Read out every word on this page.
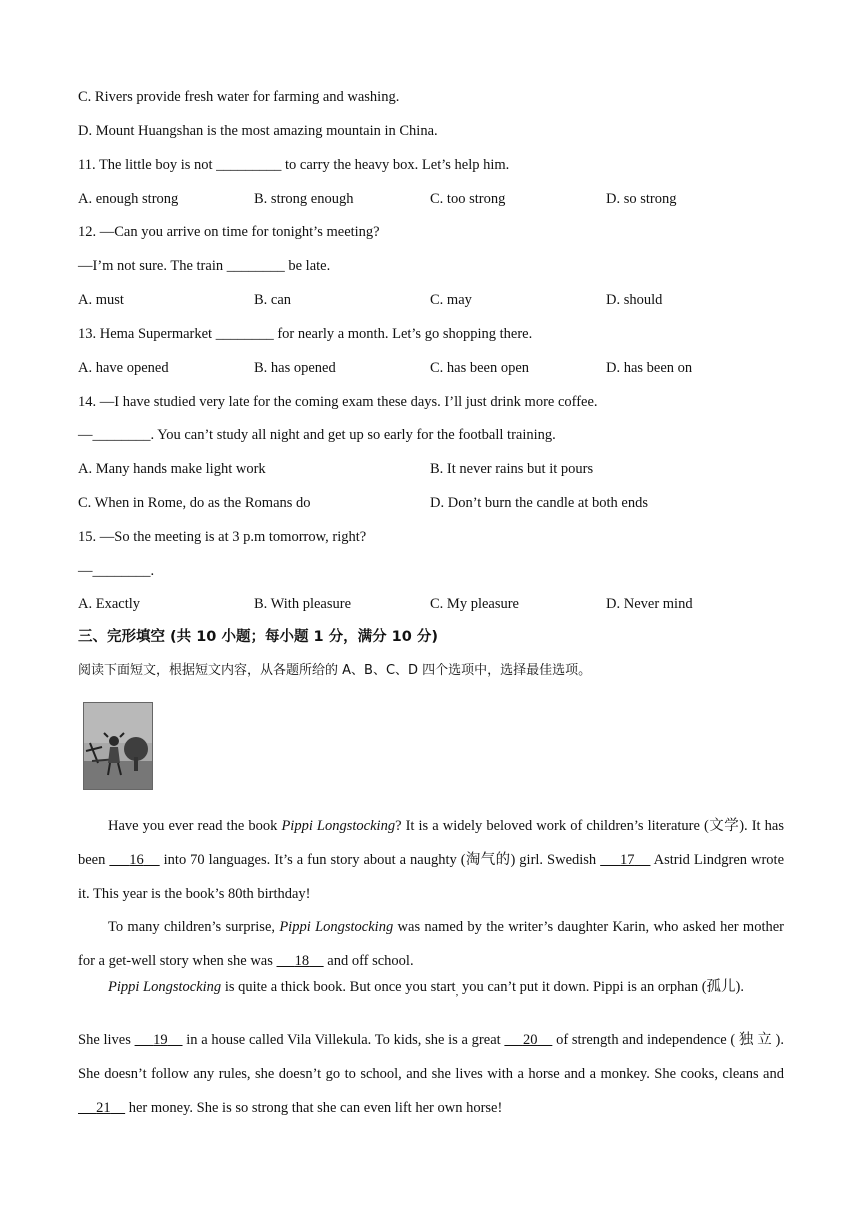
C. Rivers provide fresh water for farming and washing.
D. Mount Huangshan is the most amazing mountain in China.
11. The little boy is not _________ to carry the heavy box. Let’s help him.
A. enough strong	B. strong enough	C. too strong	D. so strong
12. —Can you arrive on time for tonight’s meeting?
—I’m not sure. The train ________ be late.
A. must	B. can	C. may	D. should
13. Hema Supermarket ________ for nearly a month. Let’s go shopping there.
A. have opened	B. has opened	C. has been open	D. has been on
14. —I have studied very late for the coming exam these days. I’ll just drink more coffee.
—________. You can’t study all night and get up so early for the football training.
A. Many hands make light work	B. It never rains but it pours
C. When in Rome, do as the Romans do	D. Don’t burn the candle at both ends
15. —So the meeting is at 3 p.m tomorrow, right?
—________.
A. Exactly	B. With pleasure	C. My pleasure	D. Never mind
三、完形填空 (共 10 小题；每小题 1 分，满分 10 分)
阅读下面短文，根据短文内容，从各题所给的 A、B、C、D 四个选项中，选择最佳选项。
Have you ever read the book Pippi Longstocking? It is a widely beloved work of children’s literature (文学). It has been      16     into 70 languages. It’s a fun story about a naughty (淘气的) girl. Swedish      17     Astrid Lindgren wrote it. This year is the book’s 80th birthday!
To many children’s surprise, Pippi Longstocking was named by the writer’s daughter Karin, who asked her mother for a get-well story when she was      18     and off school.
Pippi Longstocking is quite a thick book. But once you start$_,$ you can’t put it down. Pippi is an orphan (孤儿).
She lives      19     in a house called Vila Villekula. To kids, she is a great      20     of strength and independence ( 独 立 ). She doesn’t follow any rules, she doesn’t go to school, and she lives with a horse and a monkey. She cooks, cleans and      21     her money. She is so strong that she can even lift her own horse!
